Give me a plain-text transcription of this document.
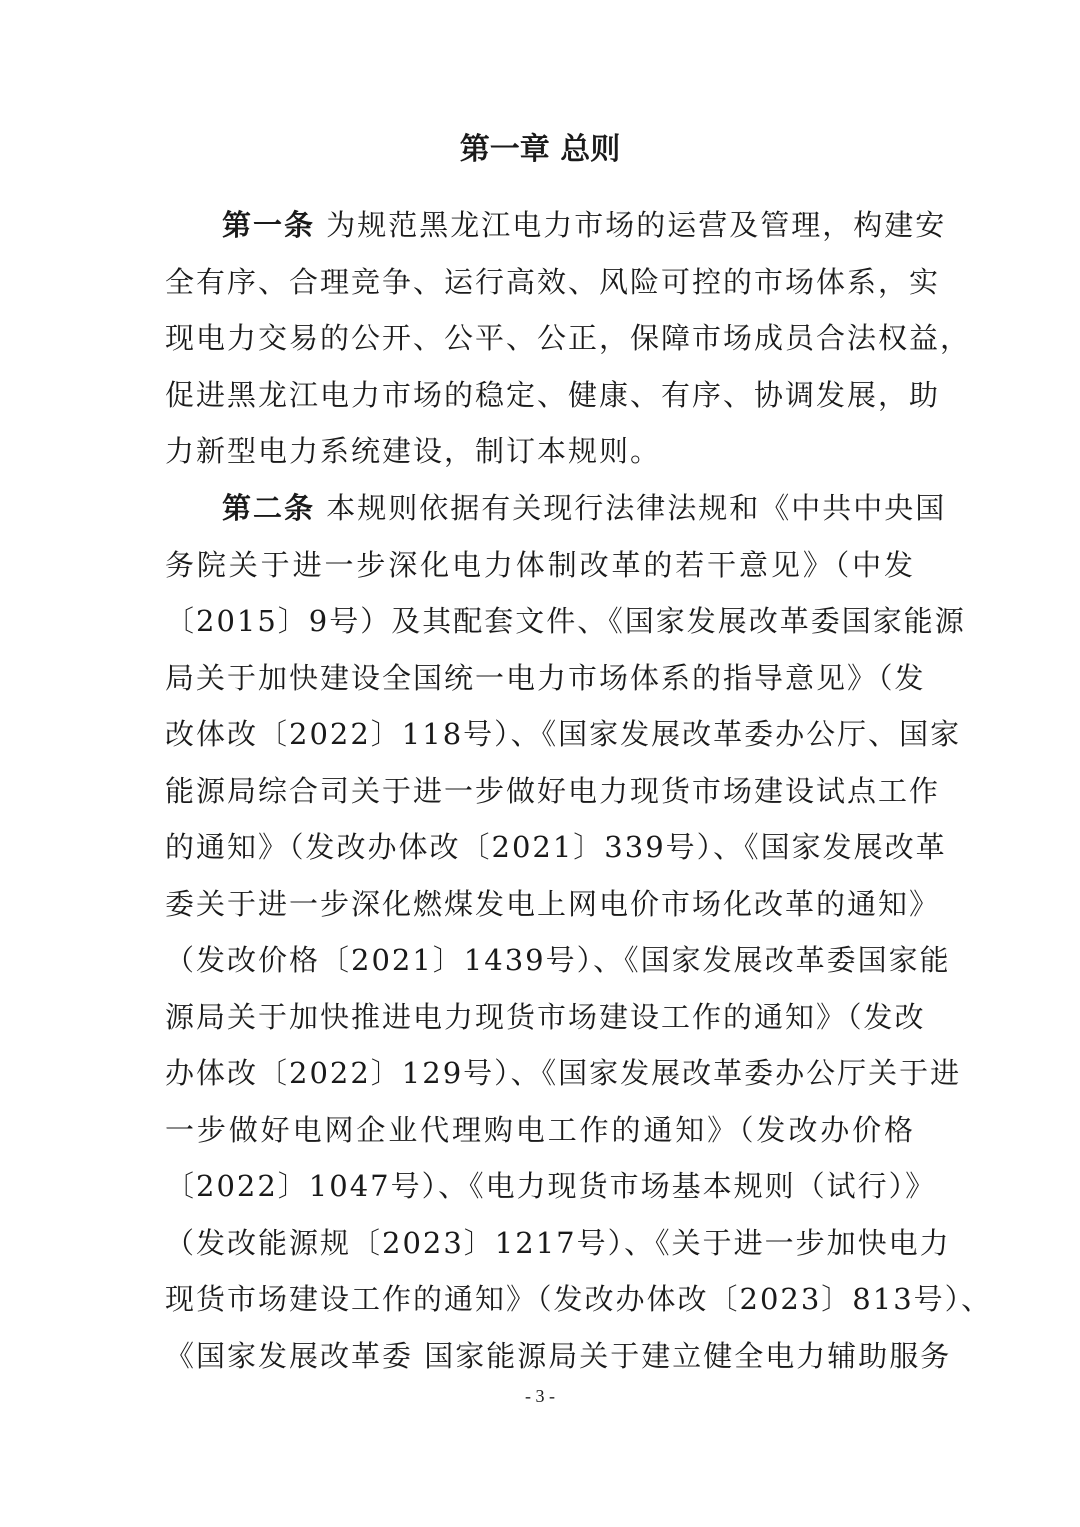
第一章 总则
第一条 为规范黑龙江电力市场的运营及管理，构建安
全有序、合理竞争、运行高效、风险可控的市场体系，实
现电力交易的公开、公平、公正，保障市场成员合法权益，
促进黑龙江电力市场的稳定、健康、有序、协调发展，助
力新型电力系统建设，制订本规则。
第二条 本规则依据有关现行法律法规和《中共中央国
务院关于进一步深化电力体制改革的若干意见》（中发
〔2015〕9号）及其配套文件、《国家发展改革委国家能源
局关于加快建设全国统一电力市场体系的指导意见》（发
改体改〔2022〕118号）、《国家发展改革委办公厅、国家
能源局综合司关于进一步做好电力现货市场建设试点工作
的通知》（发改办体改〔2021〕339号）、《国家发展改革
委关于进一步深化燃煤发电上网电价市场化改革的通知》
（发改价格〔2021〕1439号）、《国家发展改革委国家能
源局关于加快推进电力现货市场建设工作的通知》（发改
办体改〔2022〕129号）、《国家发展改革委办公厅关于进
一步做好电网企业代理购电工作的通知》（发改办价格
〔2022〕1047号）、《电力现货市场基本规则（试行）》
（发改能源规〔2023〕1217号）、《关于进一步加快电力
现货市场建设工作的通知》（发改办体改〔2023〕813号）、
《国家发展改革委 国家能源局关于建立健全电力辅助服务
- 3 -
